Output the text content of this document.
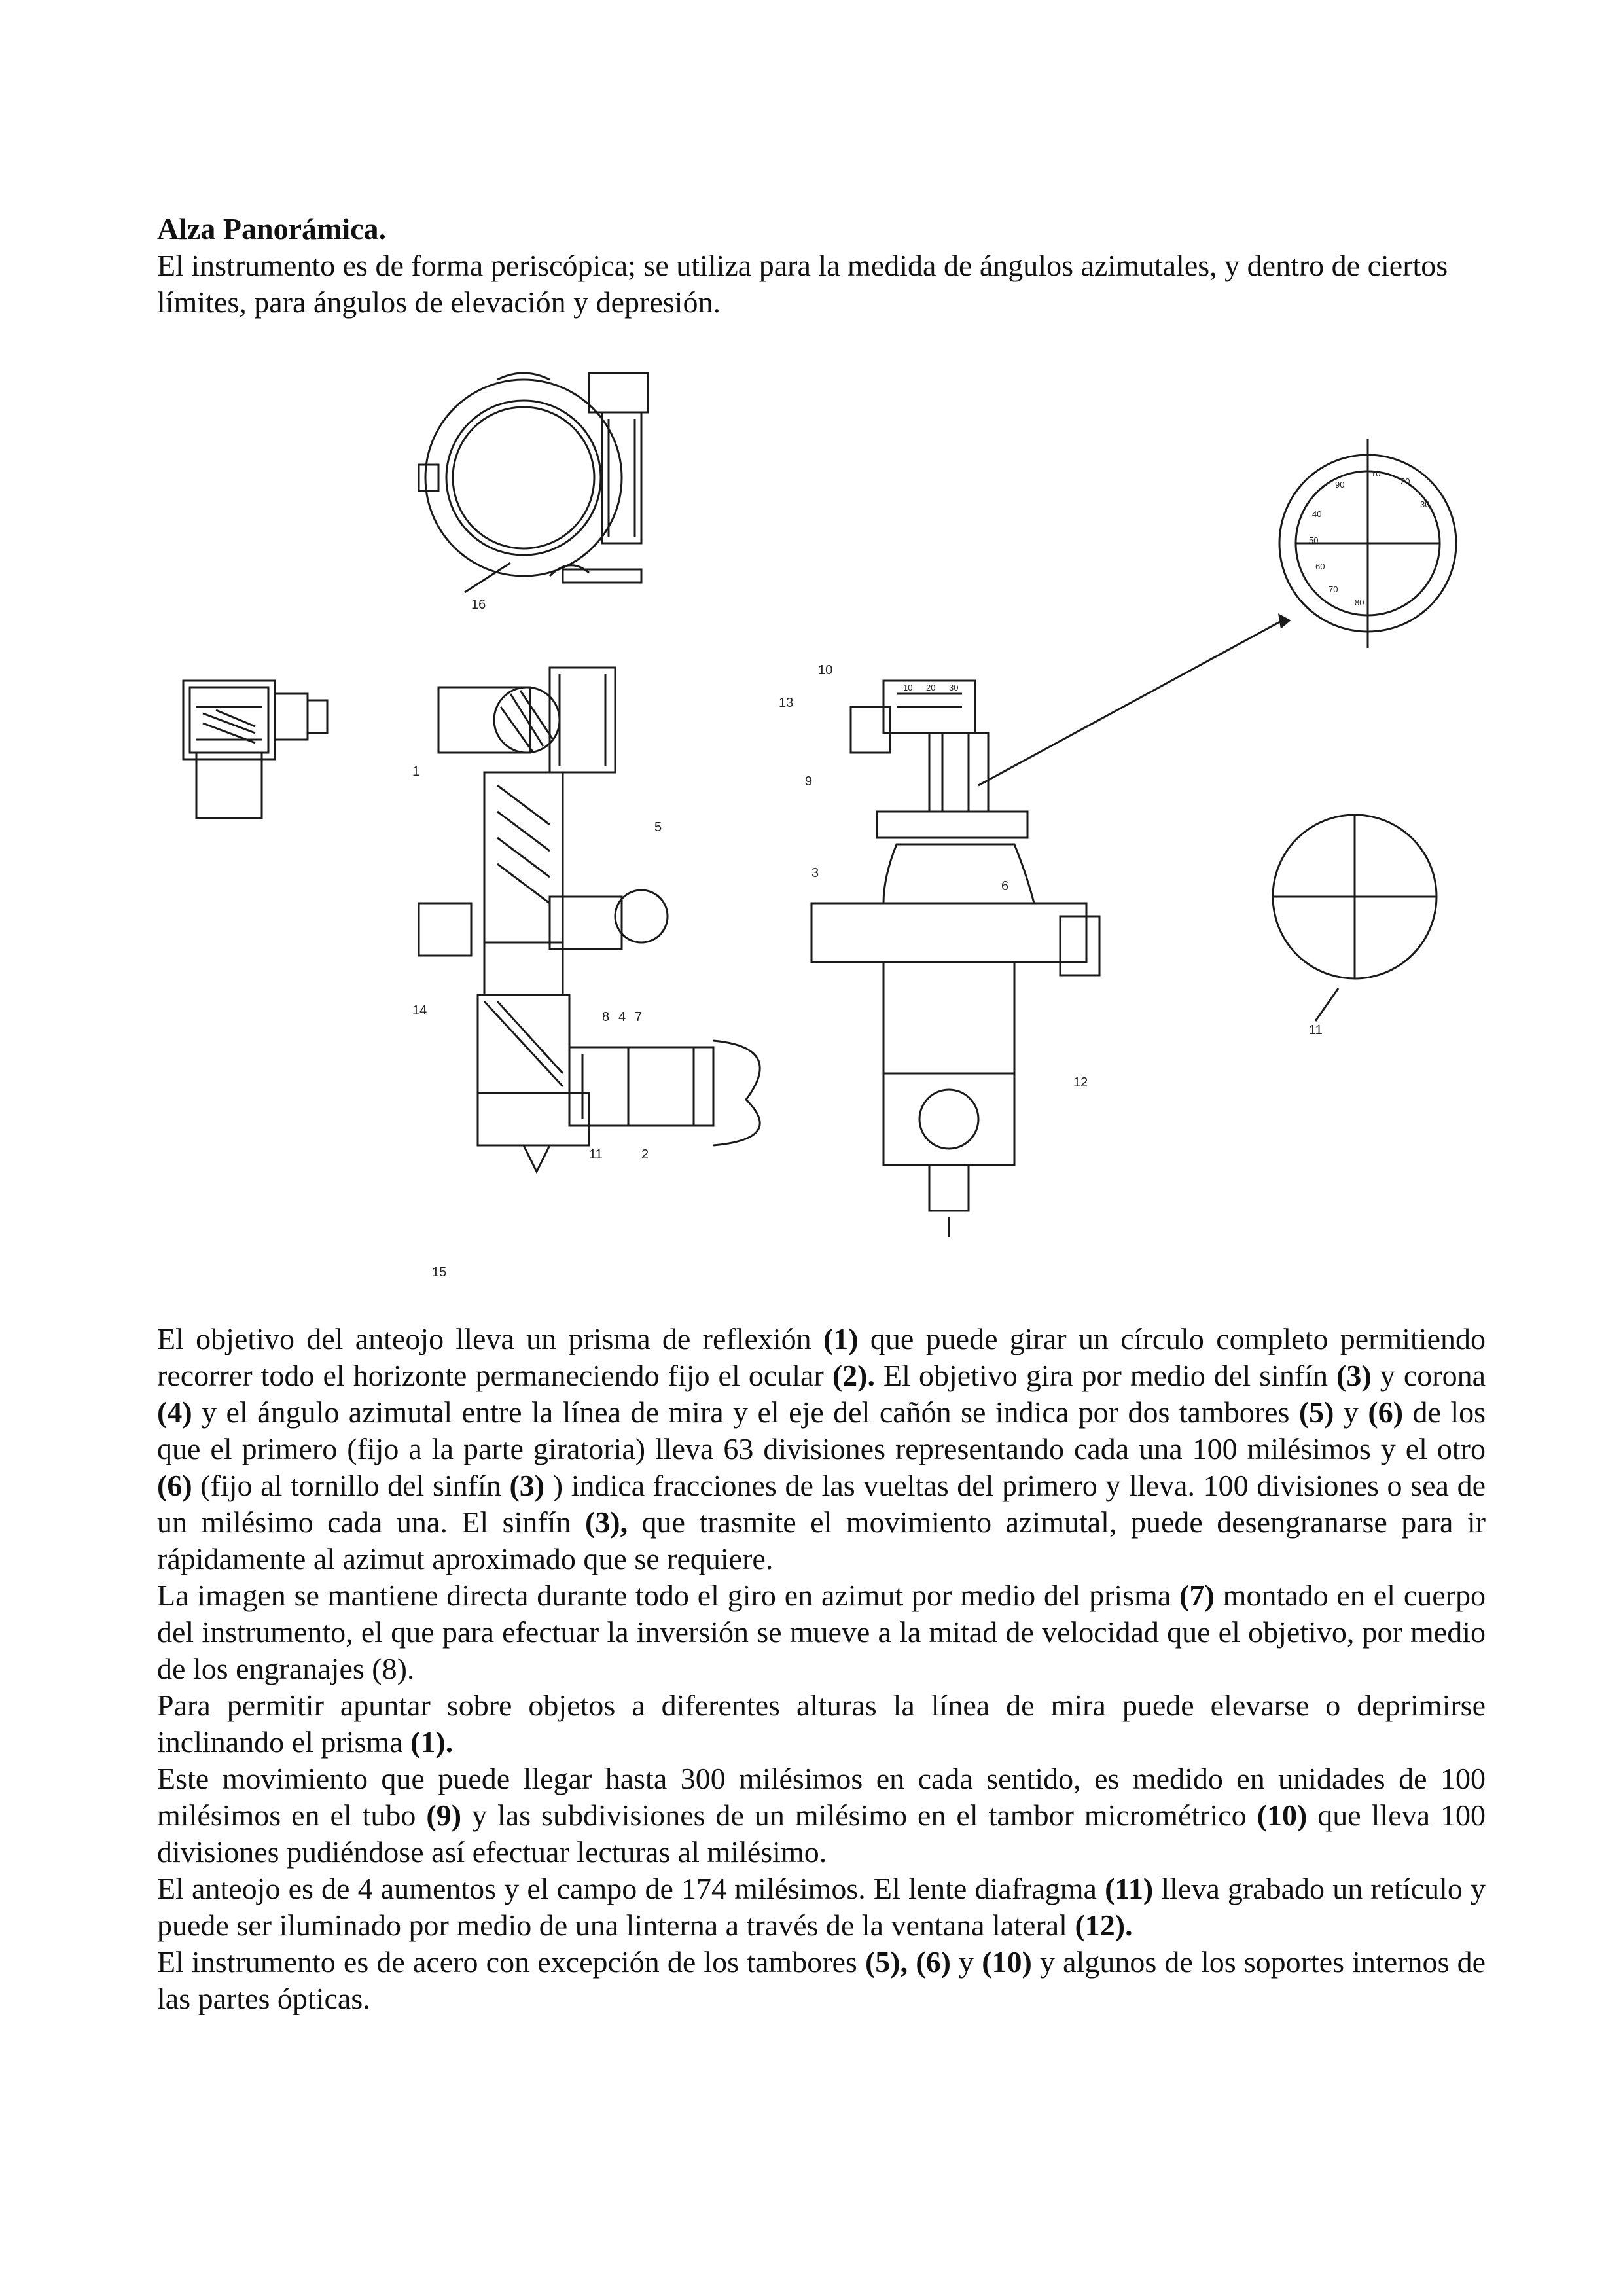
Alza Panorámica.

El instrumento es de forma periscópica; se utiliza para la medida de ángulos azimutales, y dentro de ciertos límites, para ángulos de elevación y depresión.

16
1
3
5
7
8 4
14
11	2
15
10
13
9
6
12
11
10
20
30
40
50
60
70
80
90
10 20 30

El objetivo del anteojo lleva un prisma de reflexión (1) que puede girar un círculo completo permitiendo recorrer todo el horizonte permaneciendo fijo el ocular (2). El objetivo gira por medio del sinfín (3) y corona (4) y el ángulo azimutal entre la línea de mira y el eje del cañón se indica por dos tambores (5) y (6) de los que el primero (fijo a la parte giratoria) lleva 63 divisiones representando cada una 100 milésimos y el otro (6) (fijo al tornillo del sinfín (3) ) indica fracciones de las vueltas del primero y lleva. 100 divisiones o sea de un milésimo cada una. El sinfín (3), que trasmite el movimiento azimutal, puede desengranarse para ir rápidamente al azimut aproximado que se requiere.

La imagen se mantiene directa durante todo el giro en azimut por medio del prisma (7) montado en el cuerpo del instrumento, el que para efectuar la inversión se mueve a la mitad de velocidad que el objetivo, por medio de los engranajes (8).

Para permitir apuntar sobre objetos a diferentes alturas la línea de mira puede elevarse o deprimirse inclinando el prisma (1).

Este movimiento que puede llegar hasta 300 milésimos en cada sentido, es medido en unidades de 100 milésimos en el tubo (9) y las subdivisiones de un milésimo en el tambor micrométrico (10) que lleva 100 divisiones pudiéndose así efectuar lecturas al milésimo.

El anteojo es de 4 aumentos y el campo de 174 milésimos. El lente diafragma (11) lleva grabado un retículo y puede ser iluminado por medio de una linterna a través de la ventana lateral (12).

El instrumento es de acero con excepción de los tambores (5), (6) y (10) y algunos de los soportes internos de las partes ópticas.
